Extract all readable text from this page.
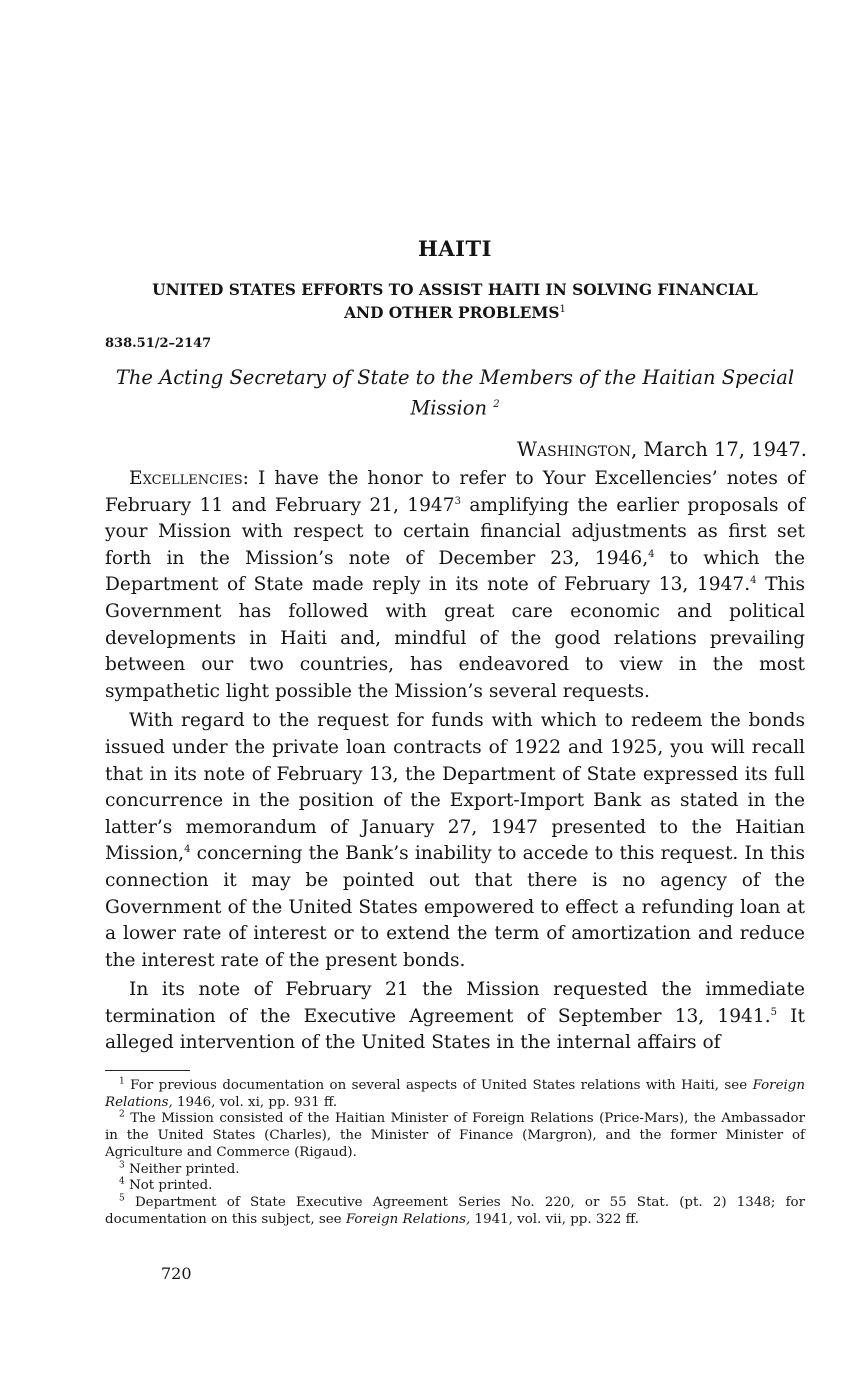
HAITI
UNITED STATES EFFORTS TO ASSIST HAITI IN SOLVING FINANCIAL
AND OTHER PROBLEMS$^1$
838.51/2–2147
The Acting Secretary of State to the Members of the Haitian Special
Mission $^2$
Washington, March 17, 1947.

Excellencies: I have the honor to refer to Your Excellencies’ notes of February 11 and February 21, 1947$^3$ amplifying the earlier proposals of your Mission with respect to certain financial adjustments as first set forth in the Mission’s note of December 23, 1946,$^4$ to which the Department of State made reply in its note of February 13, 1947.$^4$ This Government has followed with great care economic and political developments in Haiti and, mindful of the good relations prevailing between our two countries, has endeavored to view in the most sympathetic light possible the Mission’s several requests.

With regard to the request for funds with which to redeem the bonds issued under the private loan contracts of 1922 and 1925, you will recall that in its note of February 13, the Department of State expressed its full concurrence in the position of the Export-Import Bank as stated in the latter’s memorandum of January 27, 1947 presented to the Haitian Mission,$^4$ concerning the Bank’s inability to accede to this request. In this connection it may be pointed out that there is no agency of the Government of the United States empowered to effect a refunding loan at a lower rate of interest or to extend the term of amortization and reduce the interest rate of the present bonds.

In its note of February 21 the Mission requested the immediate termination of the Executive Agreement of September 13, 1941.$^5$ It alleged intervention of the United States in the internal affairs of

$^1$ For previous documentation on several aspects of United States relations with Haiti, see Foreign Relations, 1946, vol. xi, pp. 931 ff.

$^2$ The Mission consisted of the Haitian Minister of Foreign Relations (Price-Mars), the Ambassador in the United States (Charles), the Minister of Finance (Margron), and the former Minister of Agriculture and Commerce (Rigaud).

$^3$ Neither printed.

$^4$ Not printed.

$^5$ Department of State Executive Agreement Series No. 220, or 55 Stat. (pt. 2) 1348; for documentation on this subject, see Foreign Relations, 1941, vol. vii, pp. 322 ff.

720
